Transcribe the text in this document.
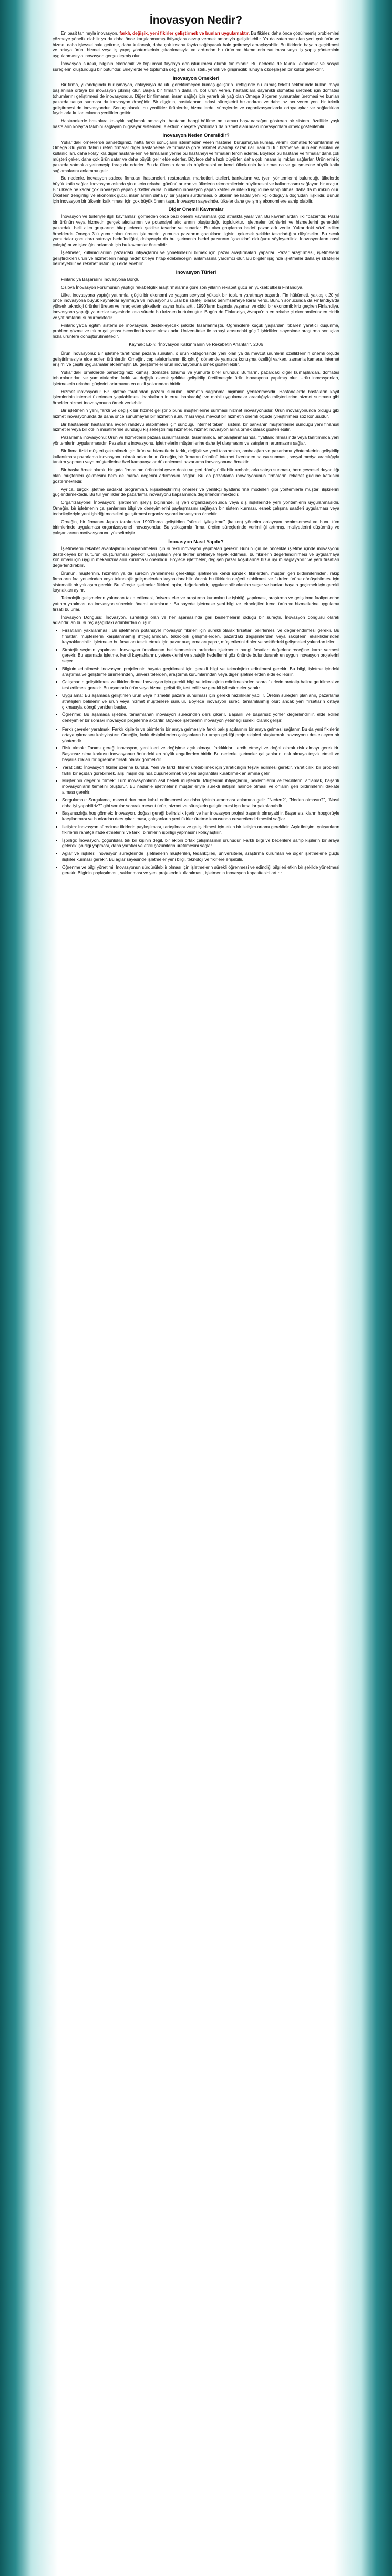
İnovasyon Nedir?

En basit tanımıyla inovasyon, farklı, değişik, yeni fikirler geliştirmek ve bunları uygulamaktır. Bu fikirler, daha önce çözülmemiş problemleri çözmeye yönelik olabilir ya da daha önce karşılanmamış ihtiyaçlara cevap vermek amacıyla geliştirilebilir. Ya da zaten var olan yeni çok ürün ve hizmet daha işlevsel hale getirme, daha kullanışlı, daha çok insana fayda sağlayacak hale getirmeyi amaçlayabilir. Bu fikirlerin hayata geçirilmesi ve ortaya ürün, hizmet veya iş yapış yöntemlerinin çıkarılmasıyla ve ardından bu ürün ve hizmetlerin satılması veya iş yapış yönteminin uygulanmasıyla inovasyon gerçekleşmiş olur.

İnovasyon sürekli, bilginin ekonomik ve toplumsal faydaya dönüştürülmesi olarak tanımlanır. Bu nedenle de teknik, ekonomik ve sosyal süreçlerin oluşturduğu bir bütündür. Bireylerde ve toplumda değişme olan istek, yenilik ve girişimcilik ruhuyla özdeşleşen bir kültür gerektirir.

İnovasyon Örnekleri

Bir firma, yıkandığında buruşmayan, dolayısıyla da ütü gerektirmeyen kumaş geliştirip ürettiğinde bu kumaş tekstil sektöründe kullanılmaya başlanırsa ortaya bir inovasyon çıkmış olur. Başka bir firmanın daha iri, bol ürün veren, hastalıklara dayanıklı domates üretmek için domates tohumlarını geliştirmesi de inovasyondur. Diğer bir firmanın, insan sağlığı için yararlı bir yağ olan Omega 3 içeren yumurtalar üretmesi ve bunları pazarda satışa sunması da inovasyon örneğidir. Bir dişçinin, hastalarının tedavi süreçlerini hızlandıran ve daha az acı veren yeni bir teknik geliştirmesi de inovasyondur. Sonuç olarak, bu yenilikler ürünlerde, hizmetlerde, süreçlerde ve organizasyonlarda ortaya çıkar ve sağladıkları faydalarla kullanıcılarına yenilikler getirir.

Hastanelerde hastalara kolaylık sağlamak amacıyla, hastanın hangi bölüme ne zaman başvuracağını gösteren bir sistem, özellikle yaşlı hastaların kolayca takibini sağlayan bilgisayar sistemleri, elektronik reçete yazılımları da hizmet alanındaki inovasyonlara örnek gösterilebilir.

İnovasyon Neden Önemlidir?

Yukarıdaki örneklerde bahsettiğimiz, hatta farklı sonuçların istenmeden veren hastane, buruşmayan kumaş, verimli domates tohumlarının ve Omega 3'lü yumurtaları üreten firmalar diğer hastanelere ve firmalara göre rekabet avantajı kazanırlar. Yani bu tür hizmet ve ürünlerin alıcıları ve kullanıcıları, daha kolaylıkla diğer hastanelerin ve firmaların yerine bu hastaneyi ve firmaları tercih ederler. Böylece bu hastane ve firmalar daha çok müşteri çeker, daha çok ürün satar ve daha büyük gelir elde ederler. Böylece daha hızlı büyürler, daha çok insana iş imkânı sağlarlar. Ürünlerini iç pazarda satmakla yetinmeyip ihraç da ederler. Bu da ülkenin daha da büyümesini ve kendi ülkelerinin kalkınmasına ve gelişmesine büyük katkı sağlamalarını anlamına gelir.

Bu nedenle, inovasyon sadece firmaları, hastaneleri, restoranları, marketleri, otelleri, bankaların ve, (yeni yöntemlerin) bulunduğu ülkelerde büyük katkı sağlar. İnovasyon aslında şirketlerin rekabet gücünü artıran ve ülkelerin ekonomilerinin büyümesini ve kalkınmasını sağlayan bir araçtır. Bir ülkede ne kadar çok inovasyon yapan şirketler varsa, o ülkenin inovasyon yapan kaliteli ve nitelikli işgücüne sahip olması daha da mümkün olur. Ülkelerin zenginliği ve ekonomik gücü, insanlarının daha iyi bir yaşam sürdürmesi, o ülkenin ne kadar yenilikçi olduğuyla doğrudan ilişkilidir. Bunun için inovasyon bir ülkenin kalkınması için çok büyük önem taşır. İnovasyon sayesinde, ülkeler daha gelişmiş ekonomilere sahip olabilir.

Diğer Önemli Kavramlar

İnovasyon ve türleriyle ilgili kavramları görmeden önce bazı önemli kavramlara göz atmakta yarar var. Bu kavramlardan ilki "pazar"dır. Pazar bir ürünün veya hizmetin gerçek alıcılarının ve potansiyel alıcılarının oluşturduğu topluluktur. İşletmeler ürünlerini ve hizmetlerini geneldeki pazardaki belli alıcı gruplarına hitap edecek şekilde tasarlar ve sunarlar. Bu alıcı gruplarına hedef pazar adı verilir. Yukarıdaki sözü edilen örneklerde Omega 3'lü yumurtaları üreten işletmenin, yumurta pazarının çocukların ilgisini çekecek şekilde tasarladığını düşünelim. Bu sıcak yumurtalar çocuklara satmayı hedeflediğini, dolayısıyla da bu işletmenin hedef pazarının "çocuklar" olduğunu söyleyebiliriz. İnovasyonların nasıl çalıştığını ve işlediğini anlamak için bu kavramlar önemlidir.

İşletmeler, kullanıcılarının pazardaki ihtiyaçlarını ve yönelimlerini bilmek için pazar araştırmaları yaparlar. Pazar araştırması, işletmelerin geliştirdikleri ürün ve hizmetlerin hangi hedef kitleye hitap edebileceğini anlamasına yardımcı olur. Bu bilgiler ışığında işletmeler daha iyi stratejiler belirleyebilir ve rekabet üstünlüğü elde edebilir.

İnovasyon Türleri

Finlandiya Başarısını İnovasyona Borçlu

Oslova İnovasyon Forumunun yaptığı rekabetçilik araştırmalarına göre son yılların rekabet gücü en yüksek ülkesi Finlandiya.

Ülke, inovasyona yaptığı yatırımla, güçlü bir ekonomi ve yaşam seviyesi yüksek bir toplum yaratmayı başardı. Fin hükümeti, yaklaşık 20 yıl önce inovasyona büyük kaynaklar ayırmaya ve inovasyonu ulusal bir strateji olarak benimsemeye karar verdi. Bunun sonucunda da Finlandiya'da yüksek teknoloji ürünleri üreten ve ihraç eden şirketlerin sayısı hızla arttı. 1990'ların başında yaşanan ve ciddi bir ekonomik kriz geçiren Finlandiya, inovasyona yaptığı yatırımlar sayesinde kısa sürede bu krizden kurtulmuştur. Bugün de Finlandiya, Avrupa'nın en rekabetçi ekonomilerinden biridir ve yatırımlarını sürdürmektedir.

Finlandiya'da eğitim sistemi de inovasyonu destekleyecek şekilde tasarlanmıştır. Öğrencilere küçük yaşlardan itibaren yaratıcı düşünme, problem çözme ve takım çalışması becerileri kazandırılmaktadır. Üniversiteler ile sanayi arasındaki güçlü işbirlikleri sayesinde araştırma sonuçları hızla ürünlere dönüştürülmektedir.

Kaynak: Ek-§: "İnovasyon Kalkınmanın ve Rekabetin Anahtarı", 2006

Ürün İnovasyonu: Bir işletme tarafından pazara sunulan, o ürün kategorisinde yeni olan ya da mevcut ürünlerin özelliklerinin önemli ölçüde geliştirilmesiyle elde edilen ürünlerdir. Örneğin, cep telefonlarının ilk çıktığı dönemde yalnızca konuşma özelliği varken, zamanla kamera, internet erişimi ve çeşitli uygulamalar eklenmiştir. Bu geliştirmeler ürün inovasyonuna örnek gösterilebilir.

Yukarıdaki örneklerde bahsettiğimiz; kumaş, domates tohumu ve yumurta birer üründür. Bunların, pazardaki diğer kumaşlardan, domates tohumlarından ve yumurtalardan farklı ve değişik olacak şekilde geliştirilip üretilmesiyle ürün inovasyonu yapılmış olur. Ürün inovasyonları, işletmelerin rekabet güçlerini artırmanın en etkili yollarından biridir.

Hizmet inovasyonu: Bir işletme tarafından pazara sunulan, hizmetin sağlanma biçiminin yenilenmesidir. Hastanelerde hastaların kayıt işlemlerinin internet üzerinden yapılabilmesi, bankaların internet bankacılığı ve mobil uygulamalar aracılığıyla müşterilerine hizmet sunması gibi örnekler hizmet inovasyonuna örnek verilebilir.

Bir işletmenin yeni, farklı ve değişik bir hizmet geliştirip bunu müşterilerine sunması hizmet inovasyonudur. Ürün inovasyonunda olduğu gibi hizmet inovasyonunda da daha önce sunulmayan bir hizmetin sunulması veya mevcut bir hizmetin önemli ölçüde iyileştirilmesi söz konusudur.

Bir hastanenin hastalarına evden randevu alabilmeleri için sunduğu internet tabanlı sistem, bir bankanın müşterilerine sunduğu yeni finansal hizmetler veya bir otelin misafirlerine sunduğu kişiselleştirilmiş hizmetler, hizmet inovasyonlarına örnek olarak gösterilebilir.

Pazarlama inovasyonu: Ürün ve hizmetlerin pazara sunulmasında, tasarımında, ambalajlanmasında, fiyatlandırılmasında veya tanıtımında yeni yöntemlerin uygulanmasıdır. Pazarlama inovasyonu, işletmelerin müşterilerine daha iyi ulaşmasını ve satışlarını artırmasını sağlar.

Bir firma fiziki müşteri çekebilmek için ürün ve hizmetlerin farklı, değişik ve yeni tasarımları, ambalajları ve pazarlama yöntemlerinin geliştirilip kullanılması pazarlama inovasyonu olarak adlandırılır. Örneğin, bir firmanın ürününü internet üzerinden satışa sunması, sosyal medya aracılığıyla tanıtım yapması veya müşterilerine özel kampanyalar düzenlemesi pazarlama inovasyonuna örnektir.

Bir başka örnek olarak, bir gıda firmasının ürünlerini çevre dostu ve geri dönüştürülebilir ambalajlarla satışa sunması, hem çevresel duyarlılığı olan müşterileri çekmesini hem de marka değerini artırmasını sağlar. Bu da pazarlama inovasyonunun firmaların rekabet gücüne katkısını göstermektedir.

Ayrıca, birçok işletme sadakat programları, kişiselleştirilmiş öneriler ve yenilikçi fiyatlandırma modelleri gibi yöntemlerle müşteri ilişkilerini güçlendirmektedir. Bu tür yenilikler de pazarlama inovasyonu kapsamında değerlendirilmektedir.

Organizasyonel İnovasyon: İşletmenin işleyiş biçiminde, iş yeri organizasyonunda veya dış ilişkilerinde yeni yöntemlerin uygulanmasıdır. Örneğin, bir işletmenin çalışanlarının bilgi ve deneyimlerini paylaşmasını sağlayan bir sistem kurması, esnek çalışma saatleri uygulaması veya tedarikçileriyle yeni işbirliği modelleri geliştirmesi organizasyonel inovasyona örnektir.

Örneğin, bir firmanın Japon tarafından 1990'larda geliştirilen "sürekli iyileştirme" (kaizen) yönetim anlayışını benimsemesi ve bunu tüm birimlerinde uygulaması organizasyonel inovasyondur. Bu yaklaşımla firma, üretim süreçlerinde verimliliği artırmış, maliyetlerini düşürmüş ve çalışanlarının motivasyonunu yükseltmiştir.

İnovasyon Nasıl Yapılır?

İşletmelerin rekabet avantajlarını koruyabilmeleri için sürekli inovasyon yapmaları gerekir. Bunun için de öncelikle işletme içinde inovasyonu destekleyen bir kültürün oluşturulması gerekir. Çalışanların yeni fikirler üretmeye teşvik edilmesi, bu fikirlerin değerlendirilmesi ve uygulamaya konulması için uygun mekanizmaların kurulması önemlidir. Böylece işletmeler, değişen pazar koşullarına hızla uyum sağlayabilir ve yeni fırsatları değerlendirebilir.

Ürünün, müşterinin, hizmetin ya da sürecin yenilenmesi gerekliliği; işletmenin kendi içindeki fikirlerden, müşteri geri bildirimlerinden, rakip firmaların faaliyetlerinden veya teknolojik gelişmelerden kaynaklanabilir. Ancak bu fikirlerin değerli olabilmesi ve fikirden ürüne dönüşebilmesi için sistematik bir yaklaşım gerekir. Bu süreçte işletmeler fikirleri toplar, değerlendirir, uygulanabilir olanları seçer ve bunları hayata geçirmek için gerekli kaynakları ayırır.

Teknolojik gelişmelerin yakından takip edilmesi, üniversiteler ve araştırma kurumları ile işbirliği yapılması, araştırma ve geliştirme faaliyetlerine yatırım yapılması da inovasyon sürecinin önemli adımlarıdır. Bu sayede işletmeler yeni bilgi ve teknolojileri kendi ürün ve hizmetlerine uygulama fırsatı bulurlar.

İnovasyon Döngüsü: İnovasyon, sürekliliği olan ve her aşamasında geri beslemelerin olduğu bir süreçtir. İnovasyon döngüsü olarak adlandırılan bu süreç aşağıdaki adımlardan oluşur:

• Fırsatların yakalanması: Bir işletmenin potansiyel inovasyon fikirleri için sürekli olarak fırsatları belirlemesi ve değerlendirmesi gerekir. Bu fırsatlar, müşterilerin karşılanmamış ihtiyaçlarından, teknolojik gelişmelerden, pazardaki değişimlerden veya rakiplerin eksikliklerinden kaynaklanabilir. İşletmeler bu fırsatları tespit etmek için pazar araştırmaları yapar, müşterilerini dinler ve sektördeki gelişmeleri yakından izler.
• Stratejik seçimin yapılması: İnovasyon fırsatlarının belirlenmesinin ardından işletmenin hangi fırsatları değerlendireceğine karar vermesi gerekir. Bu aşamada işletme, kendi kaynaklarını, yeteneklerini ve stratejik hedeflerini göz önünde bulundurarak en uygun inovasyon projelerini seçer.
• Bilginin edinilmesi: İnovasyon projelerinin hayata geçirilmesi için gerekli bilgi ve teknolojinin edinilmesi gerekir. Bu bilgi, işletme içindeki araştırma ve geliştirme birimlerinden, üniversitelerden, araştırma kurumlarından veya diğer işletmelerden elde edilebilir.
• Çalışmanın geliştirilmesi ve fikirlendirme: İnovasyon için gerekli bilgi ve teknolojinin edinilmesinden sonra fikirlerin prototip haline getirilmesi ve test edilmesi gerekir. Bu aşamada ürün veya hizmet geliştirilir, test edilir ve gerekli iyileştirmeler yapılır.
• Uygulama: Bu aşamada geliştirilen ürün veya hizmetin pazara sunulması için gerekli hazırlıklar yapılır. Üretim süreçleri planlanır, pazarlama stratejileri belirlenir ve ürün veya hizmet müşterilere sunulur. Böylece inovasyon süreci tamamlanmış olur; ancak yeni fırsatların ortaya çıkmasıyla döngü yeniden başlar.
• Öğrenme: Bu aşamada işletme, tamamlanan inovasyon sürecinden ders çıkarır. Başarılı ve başarısız yönler değerlendirilir, elde edilen deneyimler bir sonraki inovasyon projelerine aktarılır. Böylece işletmenin inovasyon yeteneği sürekli olarak gelişir.
• Farklı çevreler yaratmak: Farklı kişilerin ve birimlerin bir araya gelmesiyle farklı bakış açılarının bir araya gelmesi sağlanır. Bu da yeni fikirlerin ortaya çıkmasını kolaylaştırır. Örneğin, farklı disiplinlerden çalışanların bir araya geldiği proje ekipleri oluşturmak inovasyonu destekleyen bir yöntemdir.
• Risk almak: Tanımı gereği inovasyon, yenilikleri ve değişime açık olmayı, farklılıkları tercih etmeyi ve doğal olarak risk almayı gerektirir. Başarısız olma korkusu inovasyonun önündeki en büyük engellerden biridir. Bu nedenle işletmeler çalışanlarını risk almaya teşvik etmeli ve başarısızlıkları bir öğrenme fırsatı olarak görmelidir.
• Yaratıcılık: İnovasyon fikirler üzerine kurulur. Yeni ve farklı fikirler üretebilmek için yaratıcılığın teşvik edilmesi gerekir. Yaratıcılık, bir problemi farklı bir açıdan görebilmek, alışılmışın dışında düşünebilmek ve yeni bağlantılar kurabilmek anlamına gelir.
• Müşterinin değerini bilmek: Tüm inovasyonların asıl hedefi müşteridir. Müşterinin ihtiyaçlarını, beklentilerini ve tercihlerini anlamak, başarılı inovasyonların temelini oluşturur. Bu nedenle işletmelerin müşterileriyle sürekli iletişim halinde olması ve onların geri bildirimlerini dikkate alması gerekir.
• Sorgulamak: Sorgulama, mevcut durumun kabul edilmemesi ve daha iyisinin aranması anlamına gelir. "Neden?", "Neden olmasın?", "Nasıl daha iyi yapabiliriz?" gibi sorular sorarak mevcut ürün, hizmet ve süreçlerin geliştirilmesi için fırsatlar yakalanabilir.
• Başarısızlığa hoş görmek: İnovasyon, doğası gereği belirsizlik içerir ve her inovasyon projesi başarılı olmayabilir. Başarısızlıkların hoşgörüyle karşılanması ve bunlardan ders çıkarılması, çalışanların yeni fikirler üretme konusunda cesaretlendirilmesini sağlar.
• İletişim: İnovasyon sürecinde fikirlerin paylaşılması, tartışılması ve geliştirilmesi için etkin bir iletişim ortamı gereklidir. Açık iletişim, çalışanların fikirlerini rahatça ifade etmelerini ve farklı birimlerin işbirliği yapmasını kolaylaştırır.
• İşbirliği: İnovasyon, çoğunlukla tek bir kişinin değil, bir ekibin ortak çalışmasının ürünüdür. Farklı bilgi ve becerilere sahip kişilerin bir araya gelerek işbirliği yapması, daha yaratıcı ve etkili çözümlerin üretilmesini sağlar.
• Ağlar ve ilişkiler: İnovasyon süreçlerinde işletmelerin müşterileri, tedarikçileri, üniversiteler, araştırma kurumları ve diğer işletmelerle güçlü ilişkiler kurması gerekir. Bu ağlar sayesinde işletmeler yeni bilgi, teknoloji ve fikirlere erişebilir.
• Öğrenme ve bilgi yönetimi: İnovasyonun sürdürülebilir olması için işletmelerin sürekli öğrenmesi ve edindiği bilgileri etkin bir şekilde yönetmesi gerekir. Bilginin paylaşılması, saklanması ve yeni projelerde kullanılması, işletmenin inovasyon kapasitesini artırır.
